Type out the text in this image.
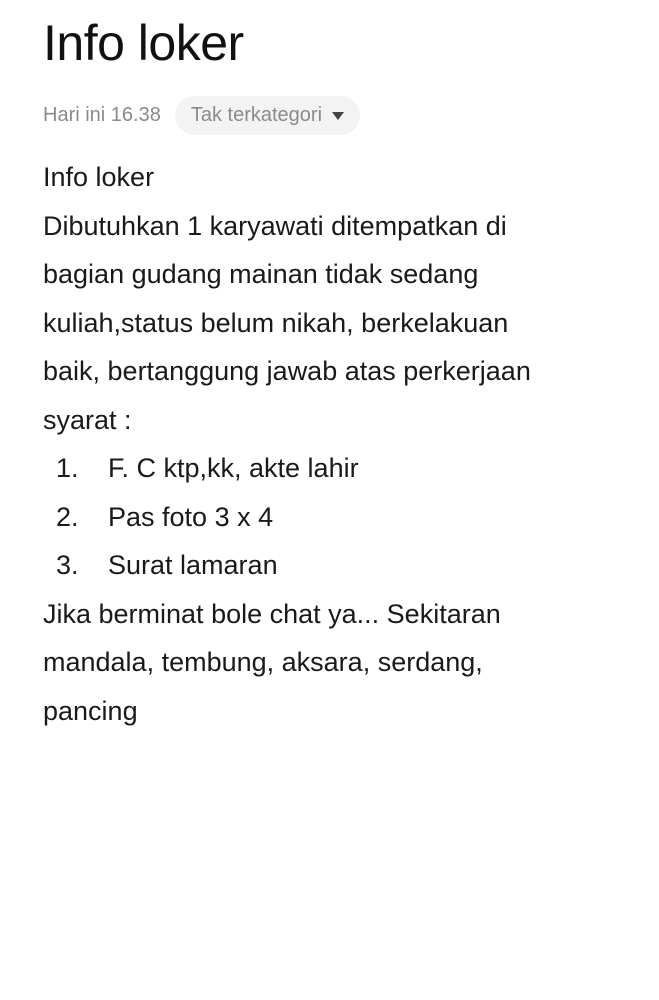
Info loker
Hari ini 16.38 Tak terkategori
Info loker
Dibutuhkan 1 karyawati ditempatkan di
bagian gudang mainan tidak sedang
kuliah,status belum nikah, berkelakuan
baik, bertanggung jawab atas perkerjaan
syarat :
1.	F. C ktp,kk, akte lahir
2.	Pas foto 3 x 4
3.	Surat lamaran
Jika berminat bole chat ya... Sekitaran
mandala, tembung, aksara, serdang,
pancing
